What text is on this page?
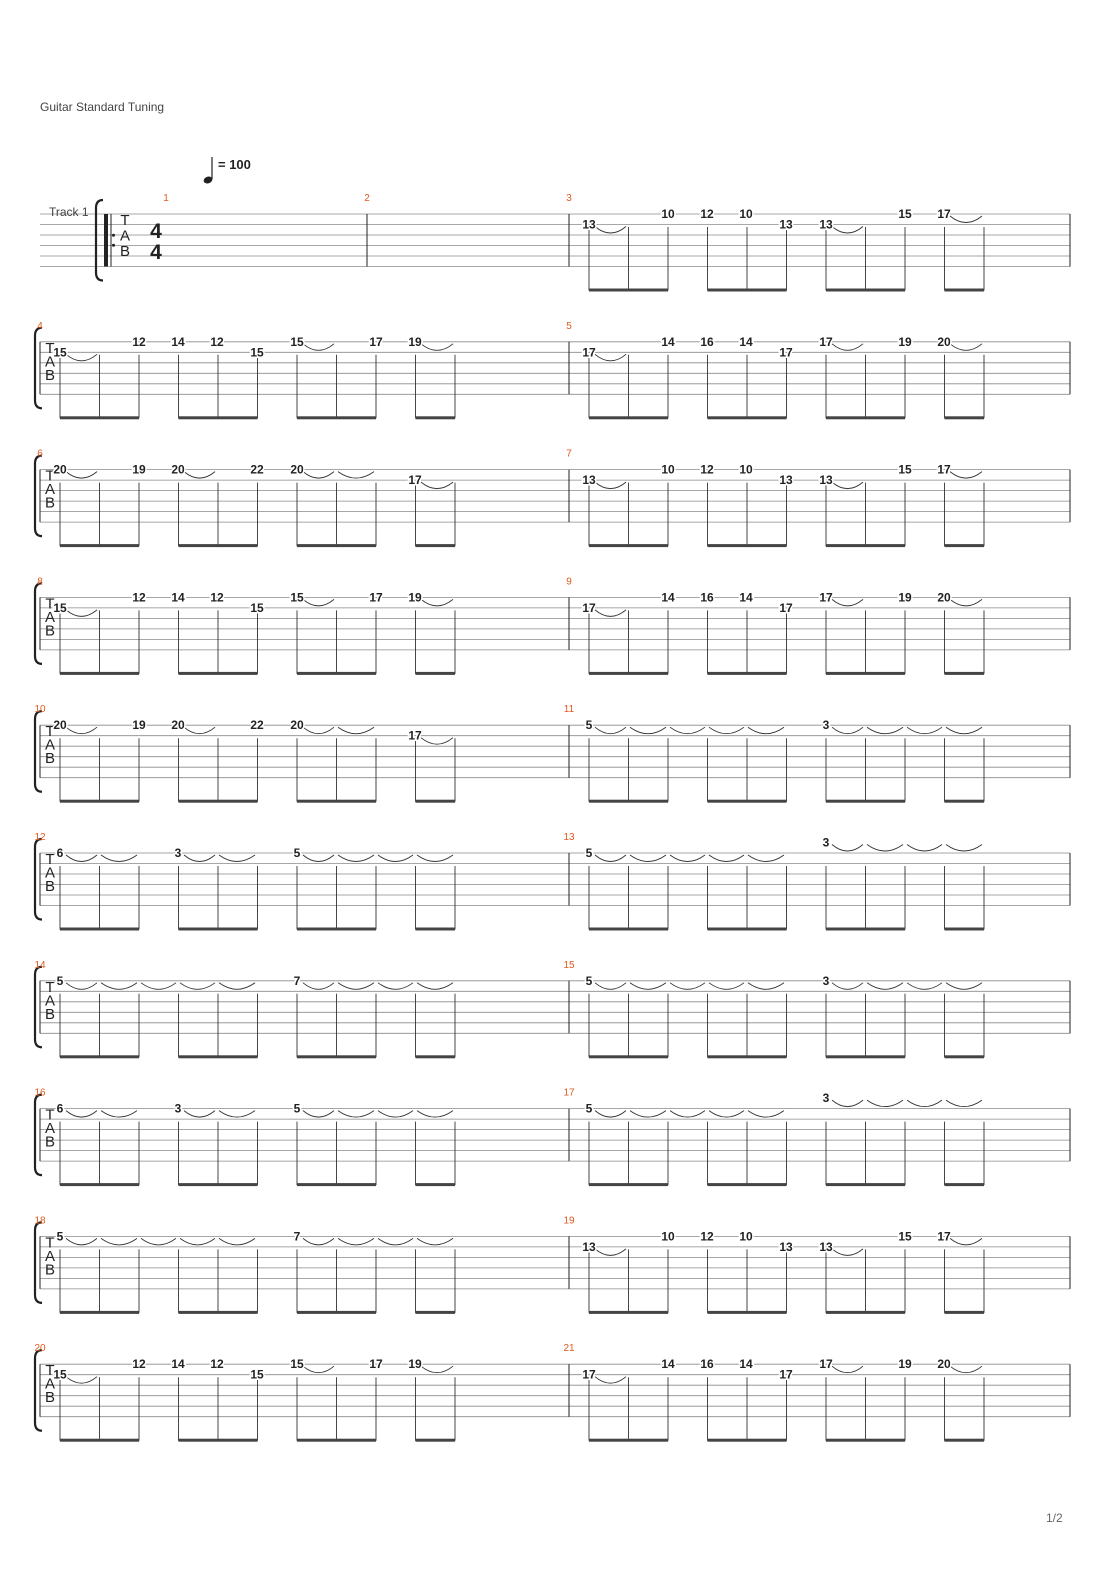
Guitar Standard Tuning
= 100
Track 1 T
A
B
4
4
1	2	3
13
10 12 10
13 13
15 17
T
A
B
4
15
12 14 12
15
15	17 19
5
17
14 16 14
17
17	19 20
T
A
B
6
20	19 20	22 20
17
7
13
10 12 10
13 13
15 17
T
A
B
8
15
12 14 12
15
15	17 19
9
17
14 16 14
17
17	19 20
T
A
B
10
20	19 20	22 20
17
11
5	3
T
A
B
12
6	3	5
13
5
3
T
A
B
14
5	7
15
5	3
T
A
B
16
6	3	5
17
5
3
T
A
B
18
5	7
19
13
10 12 10
13 13
15 17
T
A
B
20
15
12 14 12
15
15	17 19
21
17
14 16 14
17
17	19 20
1/2
